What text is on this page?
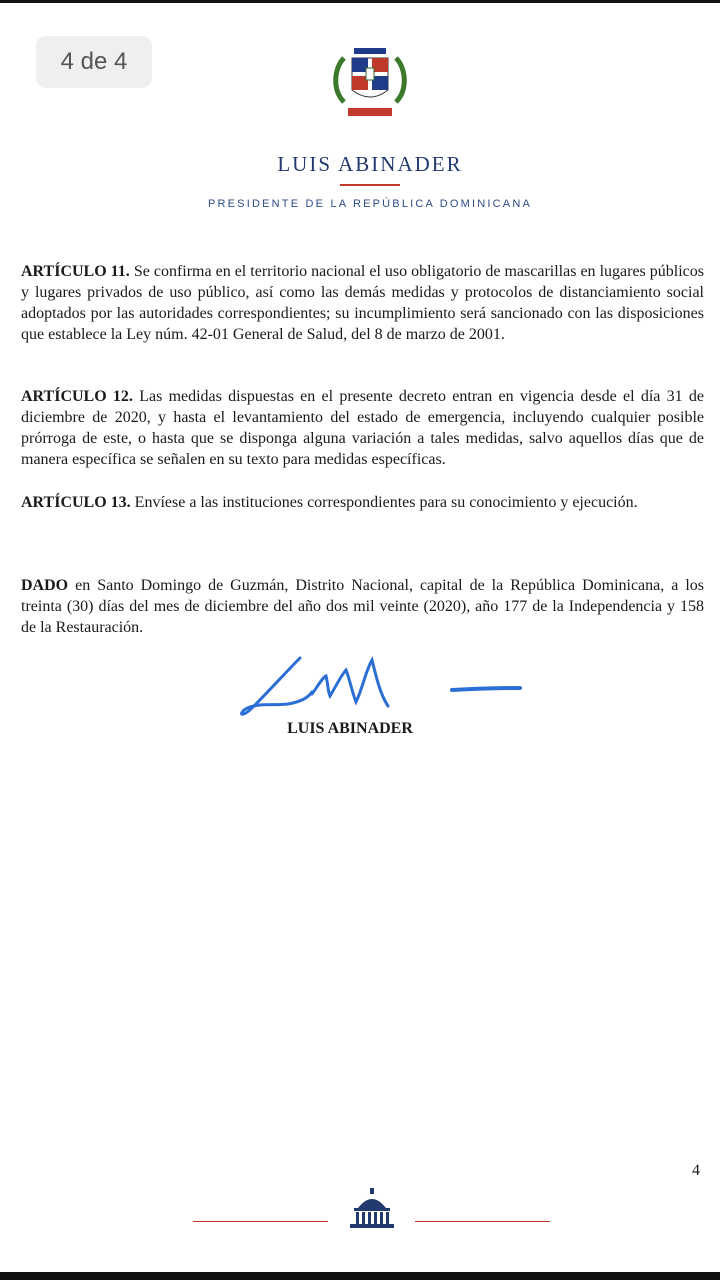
4 de 4
LUIS ABINADER
PRESIDENTE DE LA REPÚBLICA DOMINICANA
ARTÍCULO 11. Se confirma en el territorio nacional el uso obligatorio de mascarillas en lugares públicos y lugares privados de uso público, así como las demás medidas y protocolos de distanciamiento social adoptados por las autoridades correspondientes; su incumplimiento será sancionado con las disposiciones que establece la Ley núm. 42-01 General de Salud, del 8 de marzo de 2001.
ARTÍCULO 12. Las medidas dispuestas en el presente decreto entran en vigencia desde el día 31 de diciembre de 2020, y hasta el levantamiento del estado de emergencia, incluyendo cualquier posible prórroga de este, o hasta que se disponga alguna variación a tales medidas, salvo aquellos días que de manera específica se señalen en su texto para medidas específicas.
ARTÍCULO 13. Envíese a las instituciones correspondientes para su conocimiento y ejecución.
DADO en Santo Domingo de Guzmán, Distrito Nacional, capital de la República Dominicana, a los treinta (30) días del mes de diciembre del año dos mil veinte (2020), año 177 de la Independencia y 158 de la Restauración.
LUIS ABINADER
4
